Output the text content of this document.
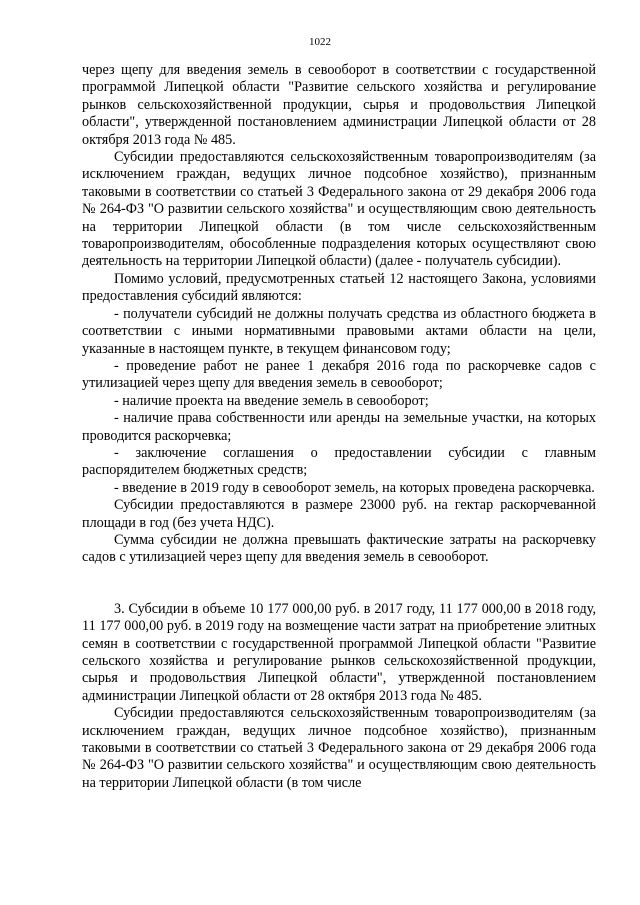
1022

через щепу для введения земель в севооборот в соответствии с государственной программой Липецкой области "Развитие сельского хозяйства и регулирование рынков сельскохозяйственной продукции, сырья и продовольствия Липецкой области", утвержденной постановлением администрации Липецкой области от 28 октября 2013 года № 485.

Субсидии предоставляются сельскохозяйственным товаропроизводителям (за исключением граждан, ведущих личное подсобное хозяйство), признанным таковыми в соответствии со статьей 3 Федерального закона от 29 декабря 2006 года № 264-ФЗ "О развитии сельского хозяйства" и осуществляющим свою деятельность на территории Липецкой области (в том числе сельскохозяйственным товаропроизводителям, обособленные подразделения которых осуществляют свою деятельность на территории Липецкой области) (далее - получатель субсидии).

Помимо условий, предусмотренных статьей 12 настоящего Закона, условиями предоставления субсидий являются:

- получатели субсидий не должны получать средства из областного бюджета в соответствии с иными нормативными правовыми актами области на цели, указанные в настоящем пункте, в текущем финансовом году;

- проведение работ не ранее 1 декабря 2016 года по раскорчевке садов с утилизацией через щепу для введения земель в севооборот;

- наличие проекта на введение земель в севооборот;

- наличие права собственности или аренды на земельные участки, на которых проводится раскорчевка;

- заключение соглашения о предоставлении субсидии с главным распорядителем бюджетных средств;

- введение в 2019 году в севооборот земель, на которых проведена раскорчевка.

Субсидии предоставляются в размере 23000 руб. на гектар раскорчеванной площади в год (без учета НДС).

Сумма субсидии не должна превышать фактические затраты на раскорчевку садов с утилизацией через щепу для введения земель в севооборот.

3. Субсидии в объеме 10 177 000,00 руб. в 2017 году, 11 177 000,00 в 2018 году, 11 177 000,00 руб. в 2019 году на возмещение части затрат на приобретение элитных семян в соответствии с государственной программой Липецкой области "Развитие сельского хозяйства и регулирование рынков сельскохозяйственной продукции, сырья и продовольствия Липецкой области", утвержденной постановлением администрации Липецкой области от 28 октября 2013 года № 485.

Субсидии предоставляются сельскохозяйственным товаропроизводителям (за исключением граждан, ведущих личное подсобное хозяйство), признанным таковыми в соответствии со статьей 3 Федерального закона от 29 декабря 2006 года № 264-ФЗ "О развитии сельского хозяйства" и осуществляющим свою деятельность на территории Липецкой области (в том числе
